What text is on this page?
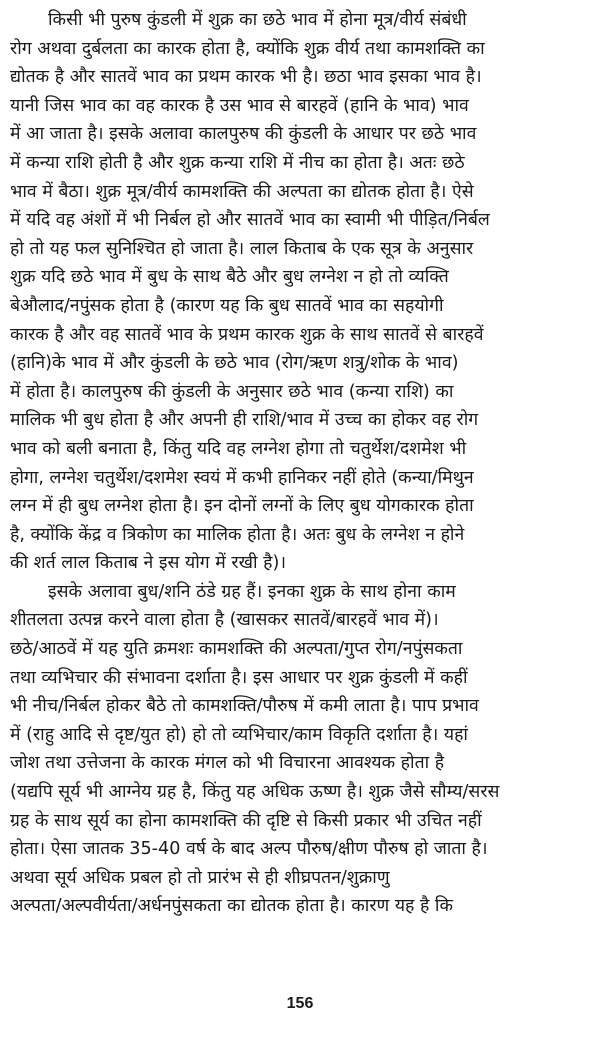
किसी भी पुरुष कुंडली में शुक्र का छठे भाव में होना मूत्र/वीर्य संबंधी
रोग अथवा दुर्बलता का कारक होता है, क्योंकि शुक्र वीर्य तथा कामशक्ति का
द्योतक है और सातवें भाव का प्रथम कारक भी है। छठा भाव इसका भाव है।
यानी जिस भाव का वह कारक है उस भाव से बारहवें (हानि के भाव) भाव
में आ जाता है। इसके अलावा कालपुरुष की कुंडली के आधार पर छठे भाव
में कन्या राशि होती है और शुक्र कन्या राशि में नीच का होता है। अतः छठे
भाव में बैठा। शुक्र मूत्र/वीर्य कामशक्ति की अल्पता का द्योतक होता है। ऐसे
में यदि वह अंशों में भी निर्बल हो और सातवें भाव का स्वामी भी पीड़ित/निर्बल
हो तो यह फल सुनिश्चित हो जाता है। लाल किताब के एक सूत्र के अनुसार
शुक्र यदि छठे भाव में बुध के साथ बैठे और बुध लग्नेश न हो तो व्यक्ति
बेऔलाद/नपुंसक होता है (कारण यह कि बुध सातवें भाव का सहयोगी
कारक है और वह सातवें भाव के प्रथम कारक शुक्र के साथ सातवें से बारहवें
(हानि)के भाव में और कुंडली के छठे भाव (रोग/ऋण शत्रु/शोक के भाव)
में होता है। कालपुरुष की कुंडली के अनुसार छठे भाव (कन्या राशि) का
मालिक भी बुध होता है और अपनी ही राशि/भाव में उच्च का होकर वह रोग
भाव को बली बनाता है, किंतु यदि वह लग्नेश होगा तो चतुर्थेश/दशमेश भी
होगा, लग्नेश चतुर्थेश/दशमेश स्वयं में कभी हानिकर नहीं होते (कन्या/मिथुन
लग्न में ही बुध लग्नेश होता है। इन दोनों लग्नों के लिए बुध योगकारक होता
है, क्योंकि केंद्र व त्रिकोण का मालिक होता है। अतः बुध के लग्नेश न होने
की शर्त लाल किताब ने इस योग में रखी है)।

इसके अलावा बुध/शनि ठंडे ग्रह हैं। इनका शुक्र के साथ होना काम
शीतलता उत्पन्न करने वाला होता है (खासकर सातवें/बारहवें भाव में)।
छठे/आठवें में यह युति क्रमशः कामशक्ति की अल्पता/गुप्त रोग/नपुंसकता
तथा व्यभिचार की संभावना दर्शाता है। इस आधार पर शुक्र कुंडली में कहीं
भी नीच/निर्बल होकर बैठे तो कामशक्ति/पौरुष में कमी लाता है। पाप प्रभाव
में (राहु आदि से दृष्ट/युत हो) हो तो व्यभिचार/काम विकृति दर्शाता है। यहां
जोश तथा उत्तेजना के कारक मंगल को भी विचारना आवश्यक होता है
(यद्यपि सूर्य भी आग्नेय ग्रह है, किंतु यह अधिक ऊष्ण है। शुक्र जैसे सौम्य/सरस
ग्रह के साथ सूर्य का होना कामशक्ति की दृष्टि से किसी प्रकार भी उचित नहीं
होता। ऐसा जातक 35-40 वर्ष के बाद अल्प पौरुष/क्षीण पौरुष हो जाता है।
अथवा सूर्य अधिक प्रबल हो तो प्रारंभ से ही शीघ्रपतन/शुक्राणु
अल्पता/अल्पवीर्यता/अर्धनपुंसकता का द्योतक होता है। कारण यह है कि

156
